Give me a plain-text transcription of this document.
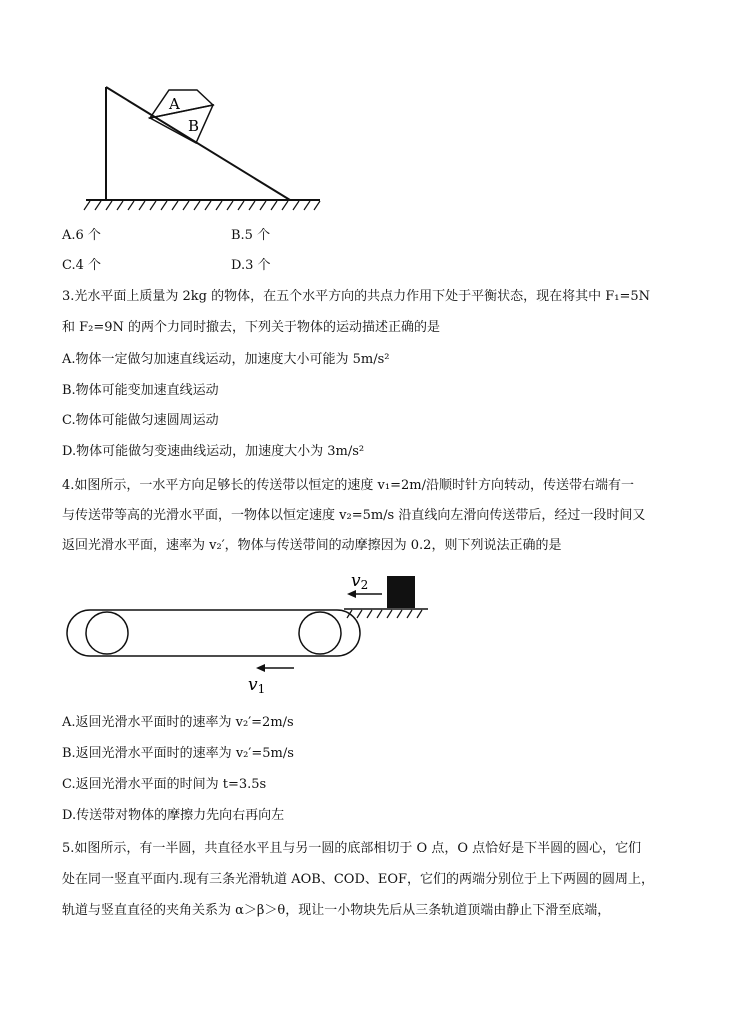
A
B
v2
v1
A.6 个	B.5 个
C.4 个	D.3 个
3.光水平面上质量为 2kg 的物体，在五个水平方向的共点力作用下处于平衡状态，现在将其中 F₁=5N
和 F₂=9N 的两个力同时撤去，下列关于物体的运动描述正确的是
A.物体一定做匀加速直线运动，加速度大小可能为 5m/s²
B.物体可能变加速直线运动
C.物体可能做匀速圆周运动
D.物体可能做匀变速曲线运动，加速度大小为 3m/s²
4.如图所示，一水平方向足够长的传送带以恒定的速度 v₁=2m/沿顺时针方向转动，传送带右端有一
与传送带等高的光滑水平面，一物体以恒定速度 v₂=5m/s 沿直线向左滑向传送带后，经过一段时间又
返回光滑水平面，速率为 v₂′，物体与传送带间的动摩擦因为 0.2，则下列说法正确的是
A.返回光滑水平面时的速率为 v₂′=2m/s
B.返回光滑水平面时的速率为 v₂′=5m/s
C.返回光滑水平面的时间为 t=3.5s
D.传送带对物体的摩擦力先向右再向左
5.如图所示，有一半圆，共直径水平且与另一圆的底部相切于 O 点，O 点恰好是下半圆的圆心，它们
处在同一竖直平面内.现有三条光滑轨道 AOB、COD、EOF，它们的两端分别位于上下两圆的圆周上，
轨道与竖直直径的夹角关系为 α＞β＞θ，现让一小物块先后从三条轨道顶端由静止下滑至底端，
